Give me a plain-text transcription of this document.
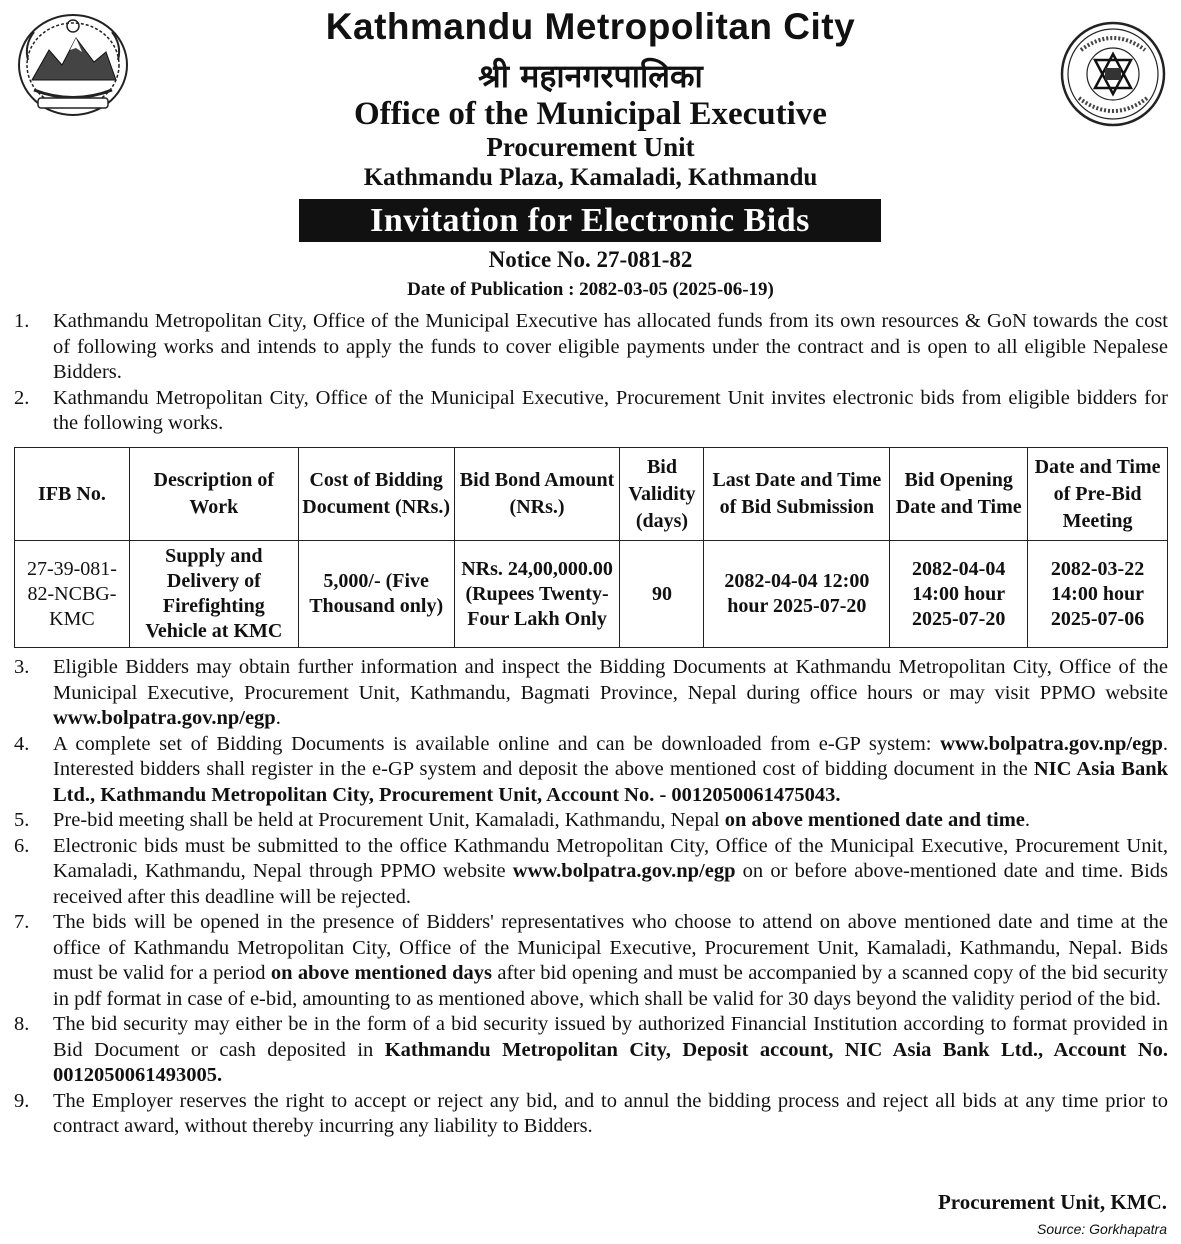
Kathmandu Metropolitan City
श्री महानगरपालिका
Office of the Municipal Executive
Procurement Unit
Kathmandu Plaza, Kamaladi, Kathmandu
Invitation for Electronic Bids
Notice No. 27-081-82
Date of Publication : 2082-03-05 (2025-06-19)
1. Kathmandu Metropolitan City, Office of the Municipal Executive has allocated funds from its own resources & GoN towards the cost of following works and intends to apply the funds to cover eligible payments under the contract and is open to all eligible Nepalese Bidders.
2. Kathmandu Metropolitan City, Office of the Municipal Executive, Procurement Unit invites electronic bids from eligible bidders for the following works.
IFB No.	Description of Work	Cost of Bidding Document (NRs.)	Bid Bond Amount (NRs.)	Bid Validity (days)	Last Date and Time of Bid Submission	Bid Opening Date and Time	Date and Time of Pre-Bid Meeting
27-39-081-82-NCBG-KMC	Supply and Delivery of Firefighting Vehicle at KMC	5,000/- (Five Thousand only)	NRs. 24,00,000.00 (Rupees Twenty-Four Lakh Only	90	2082-04-04 12:00 hour 2025-07-20	2082-04-04 14:00 hour 2025-07-20	2082-03-22 14:00 hour 2025-07-06
3. Eligible Bidders may obtain further information and inspect the Bidding Documents at Kathmandu Metropolitan City, Office of the Municipal Executive, Procurement Unit, Kathmandu, Bagmati Province, Nepal during office hours or may visit PPMO website www.bolpatra.gov.np/egp.
4. A complete set of Bidding Documents is available online and can be downloaded from e-GP system: www.bolpatra.gov.np/egp. Interested bidders shall register in the e-GP system and deposit the above mentioned cost of bidding document in the NIC Asia Bank Ltd., Kathmandu Metropolitan City, Procurement Unit, Account No. - 0012050061475043.
5. Pre-bid meeting shall be held at Procurement Unit, Kamaladi, Kathmandu, Nepal on above mentioned date and time.
6. Electronic bids must be submitted to the office Kathmandu Metropolitan City, Office of the Municipal Executive, Procurement Unit, Kamaladi, Kathmandu, Nepal through PPMO website www.bolpatra.gov.np/egp on or before above-mentioned date and time. Bids received after this deadline will be rejected.
7. The bids will be opened in the presence of Bidders' representatives who choose to attend on above mentioned date and time at the office of Kathmandu Metropolitan City, Office of the Municipal Executive, Procurement Unit, Kamaladi, Kathmandu, Nepal. Bids must be valid for a period on above mentioned days after bid opening and must be accompanied by a scanned copy of the bid security in pdf format in case of e-bid, amounting to as mentioned above, which shall be valid for 30 days beyond the validity period of the bid.
8. The bid security may either be in the form of a bid security issued by authorized Financial Institution according to format provided in Bid Document or cash deposited in Kathmandu Metropolitan City, Deposit account, NIC Asia Bank Ltd., Account No. 0012050061493005.
9. The Employer reserves the right to accept or reject any bid, and to annul the bidding process and reject all bids at any time prior to contract award, without thereby incurring any liability to Bidders.
Procurement Unit, KMC.
Source: Gorkhapatra
